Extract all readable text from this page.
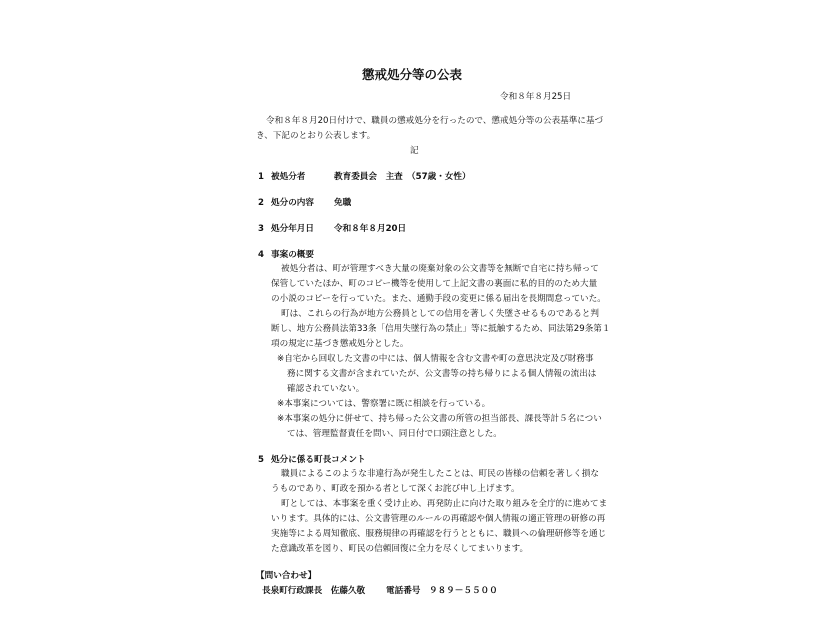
懲戒処分等の公表
令和８年８月25日
令和８年８月20日付けで、職員の懲戒処分を行ったので、懲戒処分等の公表基準に基づ
き、下記のとおり公表します。
記
1 被処分者	教育委員会　主査　（57歳・女性）
2 処分の内容 免職
3 処分年月日 令和８年８月20日
4 事案の概要
被処分者は、町が管理すべき大量の廃棄対象の公文書等を無断で自宅に持ち帰って
保管していたほか、町のコピー機等を使用して上記文書の裏面に私的目的のため大量
の小説のコピーを行っていた。また、通勤手段の変更に係る届出を長期間怠っていた。
町は、これらの行為が地方公務員としての信用を著しく失墜させるものであると判
断し、地方公務員法第33条「信用失墜行為の禁止」等に抵触するため、同法第29条第１
項の規定に基づき懲戒処分とした。
※自宅から回収した文書の中には、個人情報を含む文書や町の意思決定及び財務事
務に関する文書が含まれていたが、公文書等の持ち帰りによる個人情報の流出は
確認されていない。
※本事案については、警察署に既に相談を行っている。
※本事案の処分に併せて、持ち帰った公文書の所管の担当部長、課長等計５名につい
ては、管理監督責任を問い、同日付で口頭注意とした。
5 処分に係る町長コメント
職員によるこのような非違行為が発生したことは、町民の皆様の信頼を著しく損な
うものであり、町政を預かる者として深くお詫び申し上げます。
町としては、本事案を重く受け止め、再発防止に向けた取り組みを全庁的に進めてま
いります。具体的には、公文書管理のルールの再確認や個人情報の適正管理の研修の再
実施等による周知徹底、服務規律の再確認を行うとともに、職員への倫理研修等を通じ
た意識改革を図り、町民の信頼回復に全力を尽くしてまいります。
【問い合わせ】
長泉町行政課長　佐藤久敬 電話番号　９８９－５５００
